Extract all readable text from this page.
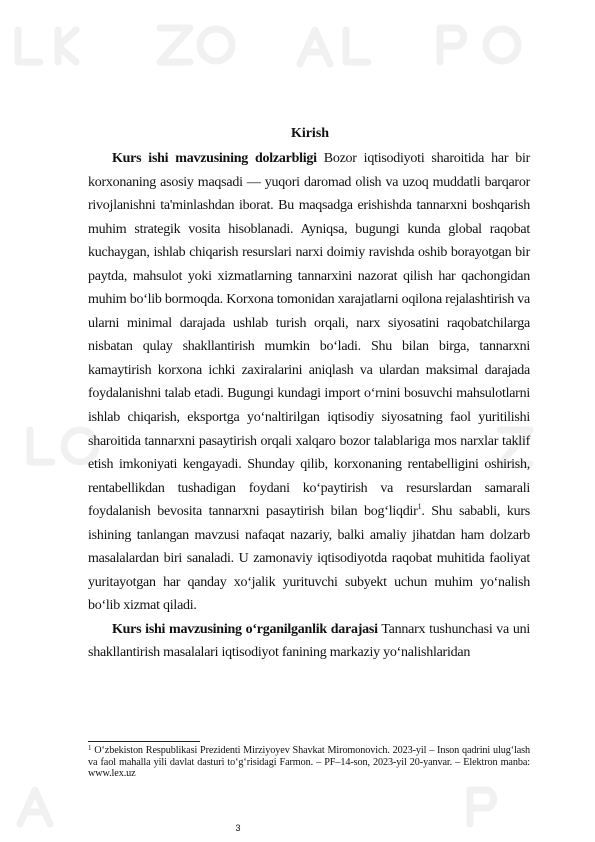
Kirish

Kurs ishi mavzusining dolzarbligi Bozor iqtisodiyoti sharoitida har bir korxonaning asosiy maqsadi — yuqori daromad olish va uzoq muddatli barqaror rivojlanishni ta'minlashdan iborat. Bu maqsadga erishishda tannarxni boshqarish muhim strategik vosita hisoblanadi. Ayniqsa, bugungi kunda global raqobat kuchaygan, ishlab chiqarish resurslari narxi doimiy ravishda oshib borayotgan bir paytda, mahsulot yoki xizmatlarning tannarxini nazorat qilish har qachongidan muhim bo‘lib bormoqda. Korxona tomonidan xarajatlarni oqilona rejalashtirish va ularni minimal darajada ushlab turish orqali, narx siyosatini raqobatchilarga nisbatan qulay shakllantirish mumkin bo‘ladi. Shu bilan birga, tannarxni kamaytirish korxona ichki zaxiralarini aniqlash va ulardan maksimal darajada foydalanishni talab etadi. Bugungi kundagi import o‘rnini bosuvchi mahsulotlarni ishlab chiqarish, eksportga yo‘naltirilgan iqtisodiy siyosatning faol yuritilishi sharoitida tannarxni pasaytirish orqali xalqaro bozor talablariga mos narxlar taklif etish imkoniyati kengayadi. Shunday qilib, korxonaning rentabelligini oshirish, rentabellikdan tushadigan foydani ko‘paytirish va resurslardan samarali foydalanish bevosita tannarxni pasaytirish bilan bog‘liqdir$^1$. Shu sababli, kurs ishining tanlangan mavzusi nafaqat nazariy, balki amaliy jihatdan ham dolzarb masalalardan biri sanaladi. U zamonaviy iqtisodiyotda raqobat muhitida faoliyat yuritayotgan har qanday xo‘jalik yurituvchi subyekt uchun muhim yo‘nalish bo‘lib xizmat qiladi.

Kurs ishi mavzusining o‘rganilganlik darajasi Tannarx tushunchasi va uni shakllantirish masalalari iqtisodiyot fanining markaziy yo‘nalishlaridan

$^1$ O‘zbekiston Respublikasi Prezidenti Mirziyoyev Shavkat Miromonovich. 2023-yil – Inson qadrini ulug‘lash va faol mahalla yili davlat dasturi to‘g‘risidagi Farmon. – PF–14-son, 2023-yil 20-yanvar. – Elektron manba: www.lex.uz
3
